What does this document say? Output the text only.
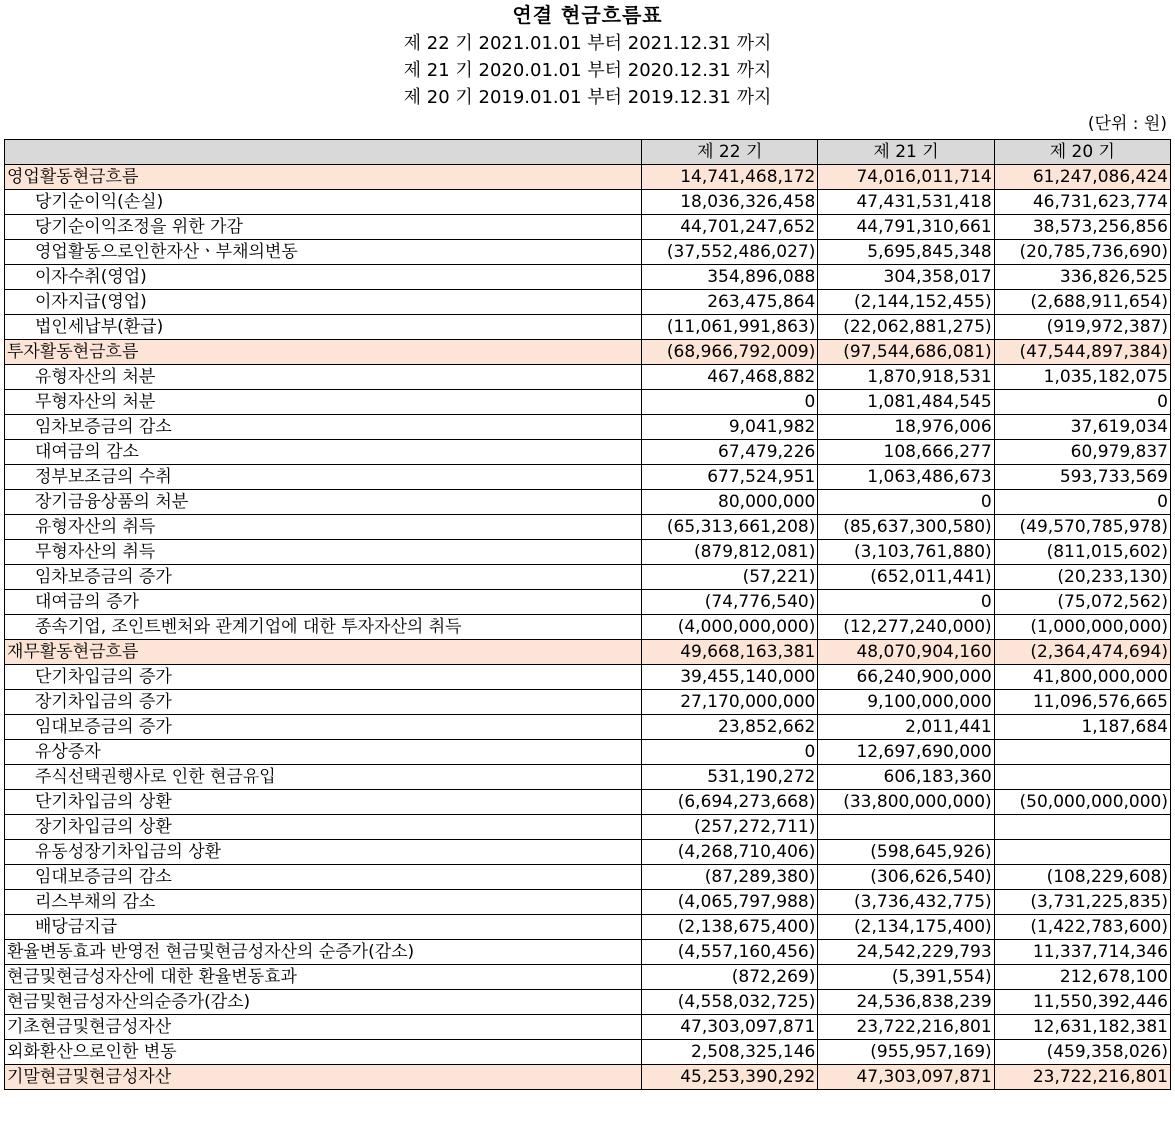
연결 현금흐름표
제 22 기 2021.01.01 부터 2021.12.31 까지
제 21 기 2020.01.01 부터 2020.12.31 까지
제 20 기 2019.01.01 부터 2019.12.31 까지
(단위 : 원)
	제 22 기	제 21 기	제 20 기
영업활동현금흐름	14,741,468,172	74,016,011,714	61,247,086,424
당기순이익(손실)	18,036,326,458	47,431,531,418	46,731,623,774
당기순이익조정을 위한 가감	44,701,247,652	44,791,310,661	38,573,256,856
영업활동으로인한자산ㆍ부채의변동	(37,552,486,027)	5,695,845,348	(20,785,736,690)
이자수취(영업)	354,896,088	304,358,017	336,826,525
이자지급(영업)	263,475,864	(2,144,152,455)	(2,688,911,654)
법인세납부(환급)	(11,061,991,863)	(22,062,881,275)	(919,972,387)
투자활동현금흐름	(68,966,792,009)	(97,544,686,081)	(47,544,897,384)
유형자산의 처분	467,468,882	1,870,918,531	1,035,182,075
무형자산의 처분	0	1,081,484,545	0
임차보증금의 감소	9,041,982	18,976,006	37,619,034
대여금의 감소	67,479,226	108,666,277	60,979,837
정부보조금의 수취	677,524,951	1,063,486,673	593,733,569
장기금융상품의 처분	80,000,000	0	0
유형자산의 취득	(65,313,661,208)	(85,637,300,580)	(49,570,785,978)
무형자산의 취득	(879,812,081)	(3,103,761,880)	(811,015,602)
임차보증금의 증가	(57,221)	(652,011,441)	(20,233,130)
대여금의 증가	(74,776,540)	0	(75,072,562)
종속기업, 조인트벤처와 관계기업에 대한 투자자산의 취득	(4,000,000,000)	(12,277,240,000)	(1,000,000,000)
재무활동현금흐름	49,668,163,381	48,070,904,160	(2,364,474,694)
단기차입금의 증가	39,455,140,000	66,240,900,000	41,800,000,000
장기차입금의 증가	27,170,000,000	9,100,000,000	11,096,576,665
임대보증금의 증가	23,852,662	2,011,441	1,187,684
유상증자	0	12,697,690,000	
주식선택권행사로 인한 현금유입	531,190,272	606,183,360	
단기차입금의 상환	(6,694,273,668)	(33,800,000,000)	(50,000,000,000)
장기차입금의 상환	(257,272,711)		
유동성장기차입금의 상환	(4,268,710,406)	(598,645,926)	
임대보증금의 감소	(87,289,380)	(306,626,540)	(108,229,608)
리스부채의 감소	(4,065,797,988)	(3,736,432,775)	(3,731,225,835)
배당금지급	(2,138,675,400)	(2,134,175,400)	(1,422,783,600)
환율변동효과 반영전 현금및현금성자산의 순증가(감소)	(4,557,160,456)	24,542,229,793	11,337,714,346
현금및현금성자산에 대한 환율변동효과	(872,269)	(5,391,554)	212,678,100
현금및현금성자산의순증가(감소)	(4,558,032,725)	24,536,838,239	11,550,392,446
기초현금및현금성자산	47,303,097,871	23,722,216,801	12,631,182,381
외화환산으로인한 변동	2,508,325,146	(955,957,169)	(459,358,026)
기말현금및현금성자산	45,253,390,292	47,303,097,871	23,722,216,801
